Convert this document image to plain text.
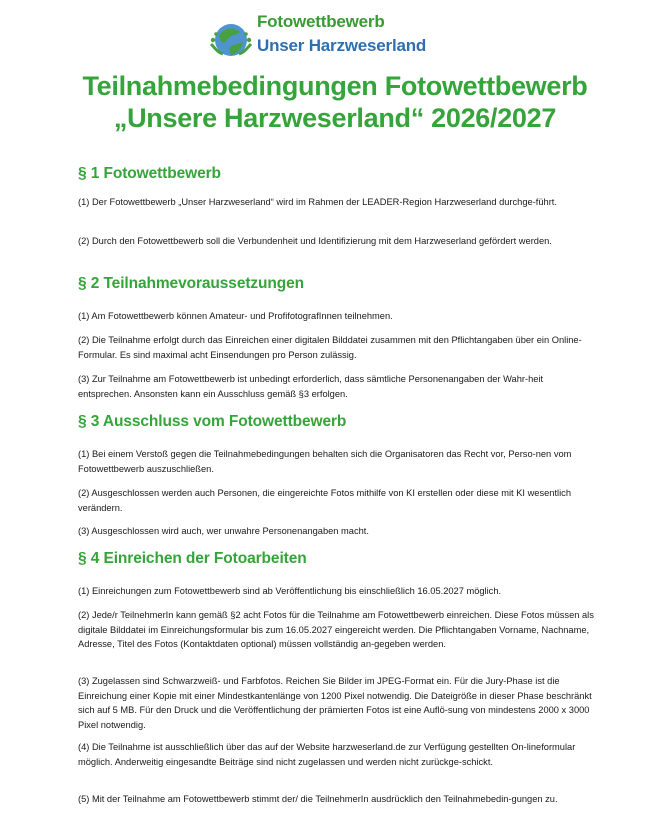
Fotowettbewerb
Unser Harzweserland
Teilnahmebedingungen Fotowettbewerb
„Unsere Harzweserland“ 2026/2027
§ 1 Fotowettbewerb

(1) Der Fotowettbewerb „Unser Harzweserland“ wird im Rahmen der LEADER-Region Harzweserland durchge-führt.

(2) Durch den Fotowettbewerb soll die Verbundenheit und Identifizierung mit dem Harzweserland gefördert werden.

§ 2 Teilnahmevoraussetzungen

(1) Am Fotowettbewerb können Amateur- und ProfifotografInnen teilnehmen.

(2) Die Teilnahme erfolgt durch das Einreichen einer digitalen Bilddatei zusammen mit den Pflichtangaben über ein Online-Formular. Es sind maximal acht Einsendungen pro Person zulässig.

(3) Zur Teilnahme am Fotowettbewerb ist unbedingt erforderlich, dass sämtliche Personenangaben der Wahr-heit entsprechen. Ansonsten kann ein Ausschluss gemäß §3 erfolgen.

§ 3 Ausschluss vom Fotowettbewerb

(1) Bei einem Verstoß gegen die Teilnahmebedingungen behalten sich die Organisatoren das Recht vor, Perso-nen vom Fotowettbewerb auszuschließen.

(2) Ausgeschlossen werden auch Personen, die eingereichte Fotos mithilfe von KI erstellen oder diese mit KI wesentlich verändern.

(3) Ausgeschlossen wird auch, wer unwahre Personenangaben macht.

§ 4 Einreichen der Fotoarbeiten

(1) Einreichungen zum Fotowettbewerb sind ab Veröffentlichung bis einschließlich 16.05.2027 möglich.

(2) Jede/r TeilnehmerIn kann gemäß §2 acht Fotos für die Teilnahme am Fotowettbewerb einreichen. Diese Fotos müssen als digitale Bilddatei im Einreichungsformular bis zum 16.05.2027 eingereicht werden. Die Pflichtangaben Vorname, Nachname, Adresse, Titel des Fotos (Kontaktdaten optional) müssen vollständig an-gegeben werden.

(3) Zugelassen sind Schwarzweiß- und Farbfotos. Reichen Sie Bilder im JPEG-Format ein. Für die Jury-Phase ist die Einreichung einer Kopie mit einer Mindestkantenlänge von 1200 Pixel notwendig. Die Dateigröße in dieser Phase beschränkt sich auf 5 MB. Für den Druck und die Veröffentlichung der prämierten Fotos ist eine Auflö-sung von mindestens 2000 x 3000 Pixel notwendig.

(4) Die Teilnahme ist ausschließlich über das auf der Website harzweserland.de zur Verfügung gestellten On-lineformular möglich. Anderweitig eingesandte Beiträge sind nicht zugelassen und werden nicht zurückge-schickt.

(5) Mit der Teilnahme am Fotowettbewerb stimmt der/ die TeilnehmerIn ausdrücklich den Teilnahmebedin-gungen zu.
